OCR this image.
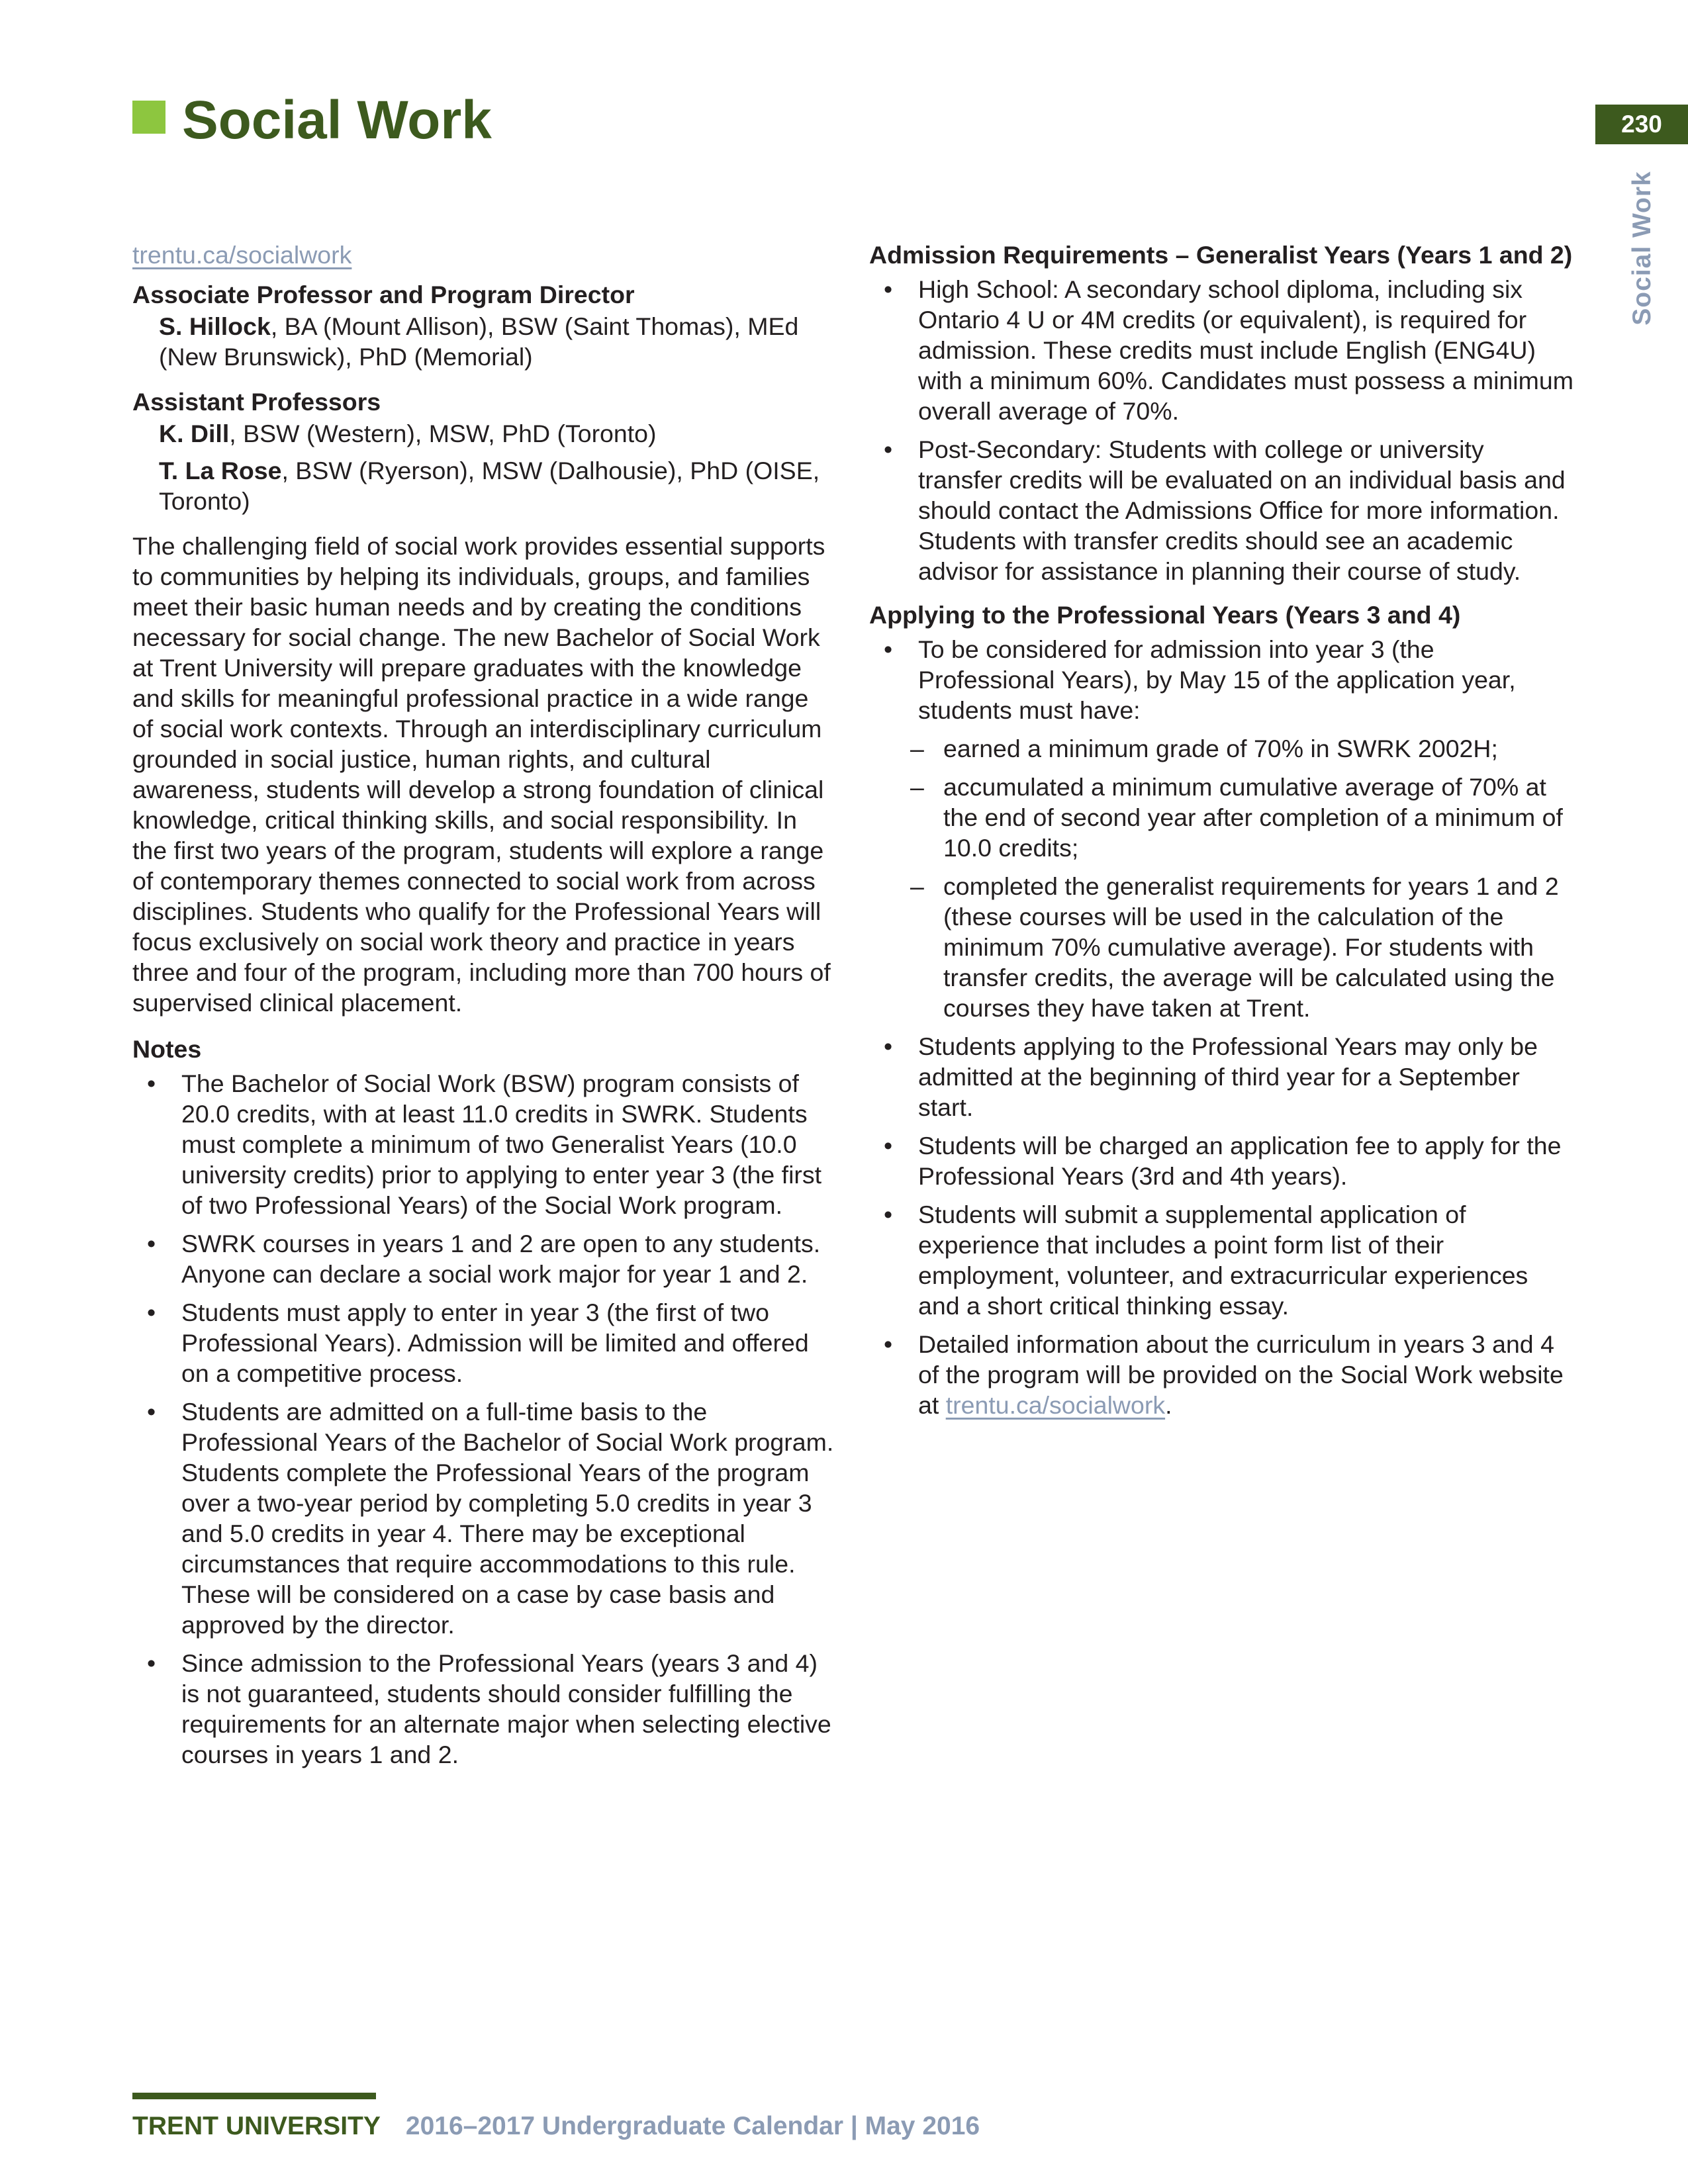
Social Work	230
Social Work
trentu.ca/socialwork
Associate Professor and Program Director
S. Hillock, BA (Mount Allison), BSW (Saint Thomas), MEd (New Brunswick), PhD (Memorial)
Assistant Professors
K. Dill, BSW (Western), MSW, PhD (Toronto)
T. La Rose, BSW (Ryerson), MSW (Dalhousie), PhD (OISE, Toronto)

The challenging field of social work provides essential supports to communities by helping its individuals, groups, and families meet their basic human needs and by creating the conditions necessary for social change. The new Bachelor of Social Work at Trent University will prepare graduates with the knowledge and skills for meaningful professional practice in a wide range of social work contexts. Through an interdisciplinary curriculum grounded in social justice, human rights, and cultural awareness, students will develop a strong foundation of clinical knowledge, critical thinking skills, and social responsibility. In the first two years of the program, students will explore a range of contemporary themes connected to social work from across disciplines. Students who qualify for the Professional Years will focus exclusively on social work theory and practice in years three and four of the program, including more than 700 hours of supervised clinical placement.

Notes
• The Bachelor of Social Work (BSW) program consists of 20.0 credits, with at least 11.0 credits in SWRK. Students must complete a minimum of two Generalist Years (10.0 university credits) prior to applying to enter year 3 (the first of two Professional Years) of the Social Work program.
• SWRK courses in years 1 and 2 are open to any students. Anyone can declare a social work major for year 1 and 2.
• Students must apply to enter in year 3 (the first of two Professional Years). Admission will be limited and offered on a competitive process.
• Students are admitted on a full-time basis to the Professional Years of the Bachelor of Social Work program. Students complete the Professional Years of the program over a two-year period by completing 5.0 credits in year 3 and 5.0 credits in year 4. There may be exceptional circumstances that require accommodations to this rule. These will be considered on a case by case basis and approved by the director.
• Since admission to the Professional Years (years 3 and 4) is not guaranteed, students should consider fulfilling the requirements for an alternate major when selecting elective courses in years 1 and 2.
Admission Requirements – Generalist Years (Years 1 and 2)
• High School: A secondary school diploma, including six Ontario 4 U or 4M credits (or equivalent), is required for admission. These credits must include English (ENG4U) with a minimum 60%. Candidates must possess a minimum overall average of 70%.
• Post-Secondary: Students with college or university transfer credits will be evaluated on an individual basis and should contact the Admissions Office for more information. Students with transfer credits should see an academic advisor for assistance in planning their course of study.
Applying to the Professional Years (Years 3 and 4)
• To be considered for admission into year 3 (the Professional Years), by May 15 of the application year, students must have:
– earned a minimum grade of 70% in SWRK 2002H;
– accumulated a minimum cumulative average of 70% at the end of second year after completion of a minimum of 10.0 credits;
– completed the generalist requirements for years 1 and 2 (these courses will be used in the calculation of the minimum 70% cumulative average). For students with transfer credits, the average will be calculated using the courses they have taken at Trent.
• Students applying to the Professional Years may only be admitted at the beginning of third year for a September start.
• Students will be charged an application fee to apply for the Professional Years (3rd and 4th years).
• Students will submit a supplemental application of experience that includes a point form list of their employment, volunteer, and extracurricular experiences and a short critical thinking essay.
• Detailed information about the curriculum in years 3 and 4 of the program will be provided on the Social Work website at trentu.ca/socialwork.
TRENT UNIVERSITY 2016–2017 Undergraduate Calendar | May 2016
